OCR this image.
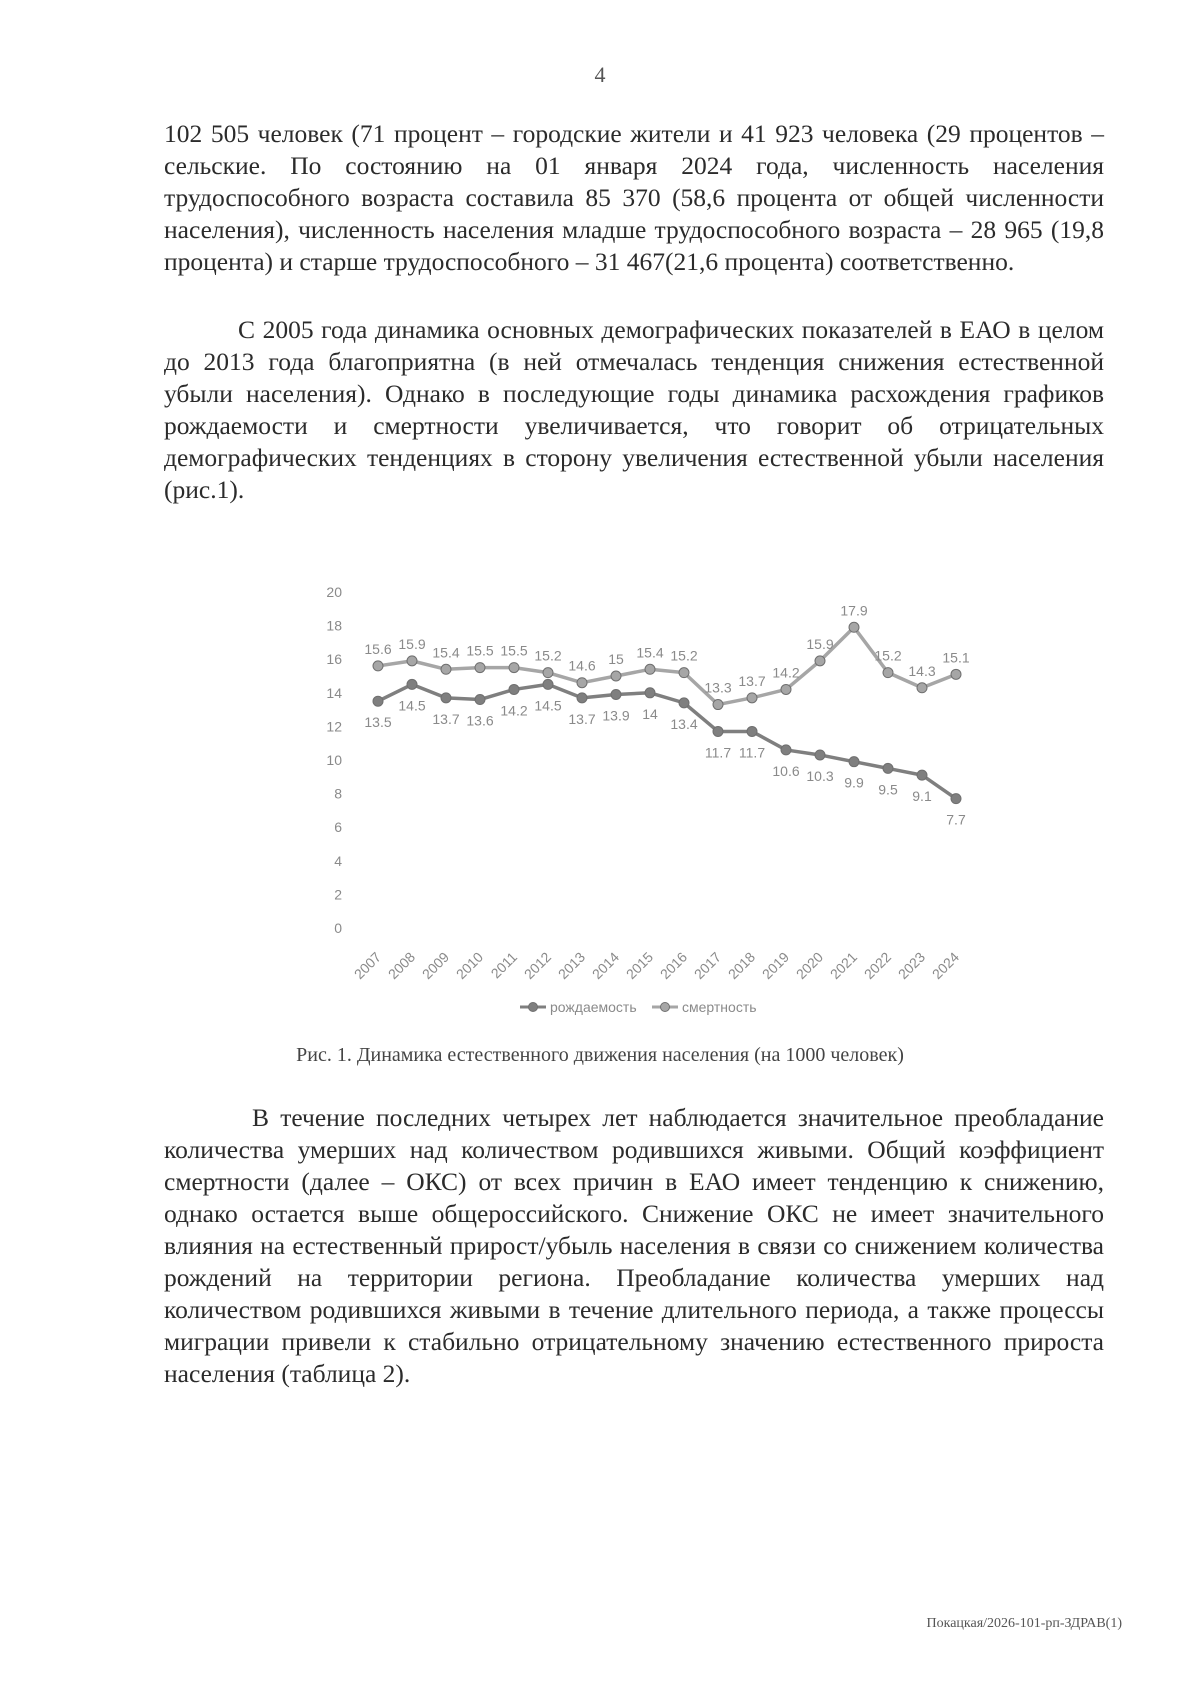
4

102 505 человек (71 процент – городские жители и 41 923 человека (29 процентов – сельские. По состоянию на 01 января 2024 года, численность населения трудоспособного возраста составила 85 370 (58,6 процента от общей численности населения), численность населения младше трудоспособного возраста – 28 965 (19,8 процента) и старше трудоспособного – 31 467(21,6 процента) соответственно.

С 2005 года динамика основных демографических показателей в ЕАО в целом до 2013 года благоприятна (в ней отмечалась тенденция снижения естественной убыли населения). Однако в последующие годы динамика расхождения графиков рождаемости и смертности увеличивается, что говорит об отрицательных демографических тенденциях в сторону увеличения естественной убыли населения (рис.1).

0
2
4
6
8
10
12
14
16
18
20
2007 2008 2009 2010 2011 2012 2013 2014 2015 2016 2017 2018 2019 2020 2021 2022 2023 2024
13.5
14.5
13.7 13.6
14.2 14.5
13.7 13.9 14
13.4
11.7 11.7
10.6 10.3 9.9 9.5 9.1
7.7
15.6 15.9
15.4 15.5 15.5 15.2
14.6 15 15.4 15.2
13.3 13.7
14.2
15.9
17.9
15.2
14.3
15.1
рождаемость	смертность
Рис. 1. Динамика естественного движения населения (на 1000 человек)

В течение последних четырех лет наблюдается значительное преобладание количества умерших над количеством родившихся живыми. Общий коэффициент смертности (далее – ОКС) от всех причин в ЕАО имеет тенденцию к снижению, однако остается выше общероссийского. Снижение ОКС не имеет значительного влияния на естественный прирост/убыль населения в связи со снижением количества рождений на территории региона. Преобладание количества умерших над количеством родившихся живыми в течение длительного периода, а также процессы миграции привели к стабильно отрицательному значению естественного прироста населения (таблица 2).

Покацкая/2026-101-рп-ЗДРАВ(1)
